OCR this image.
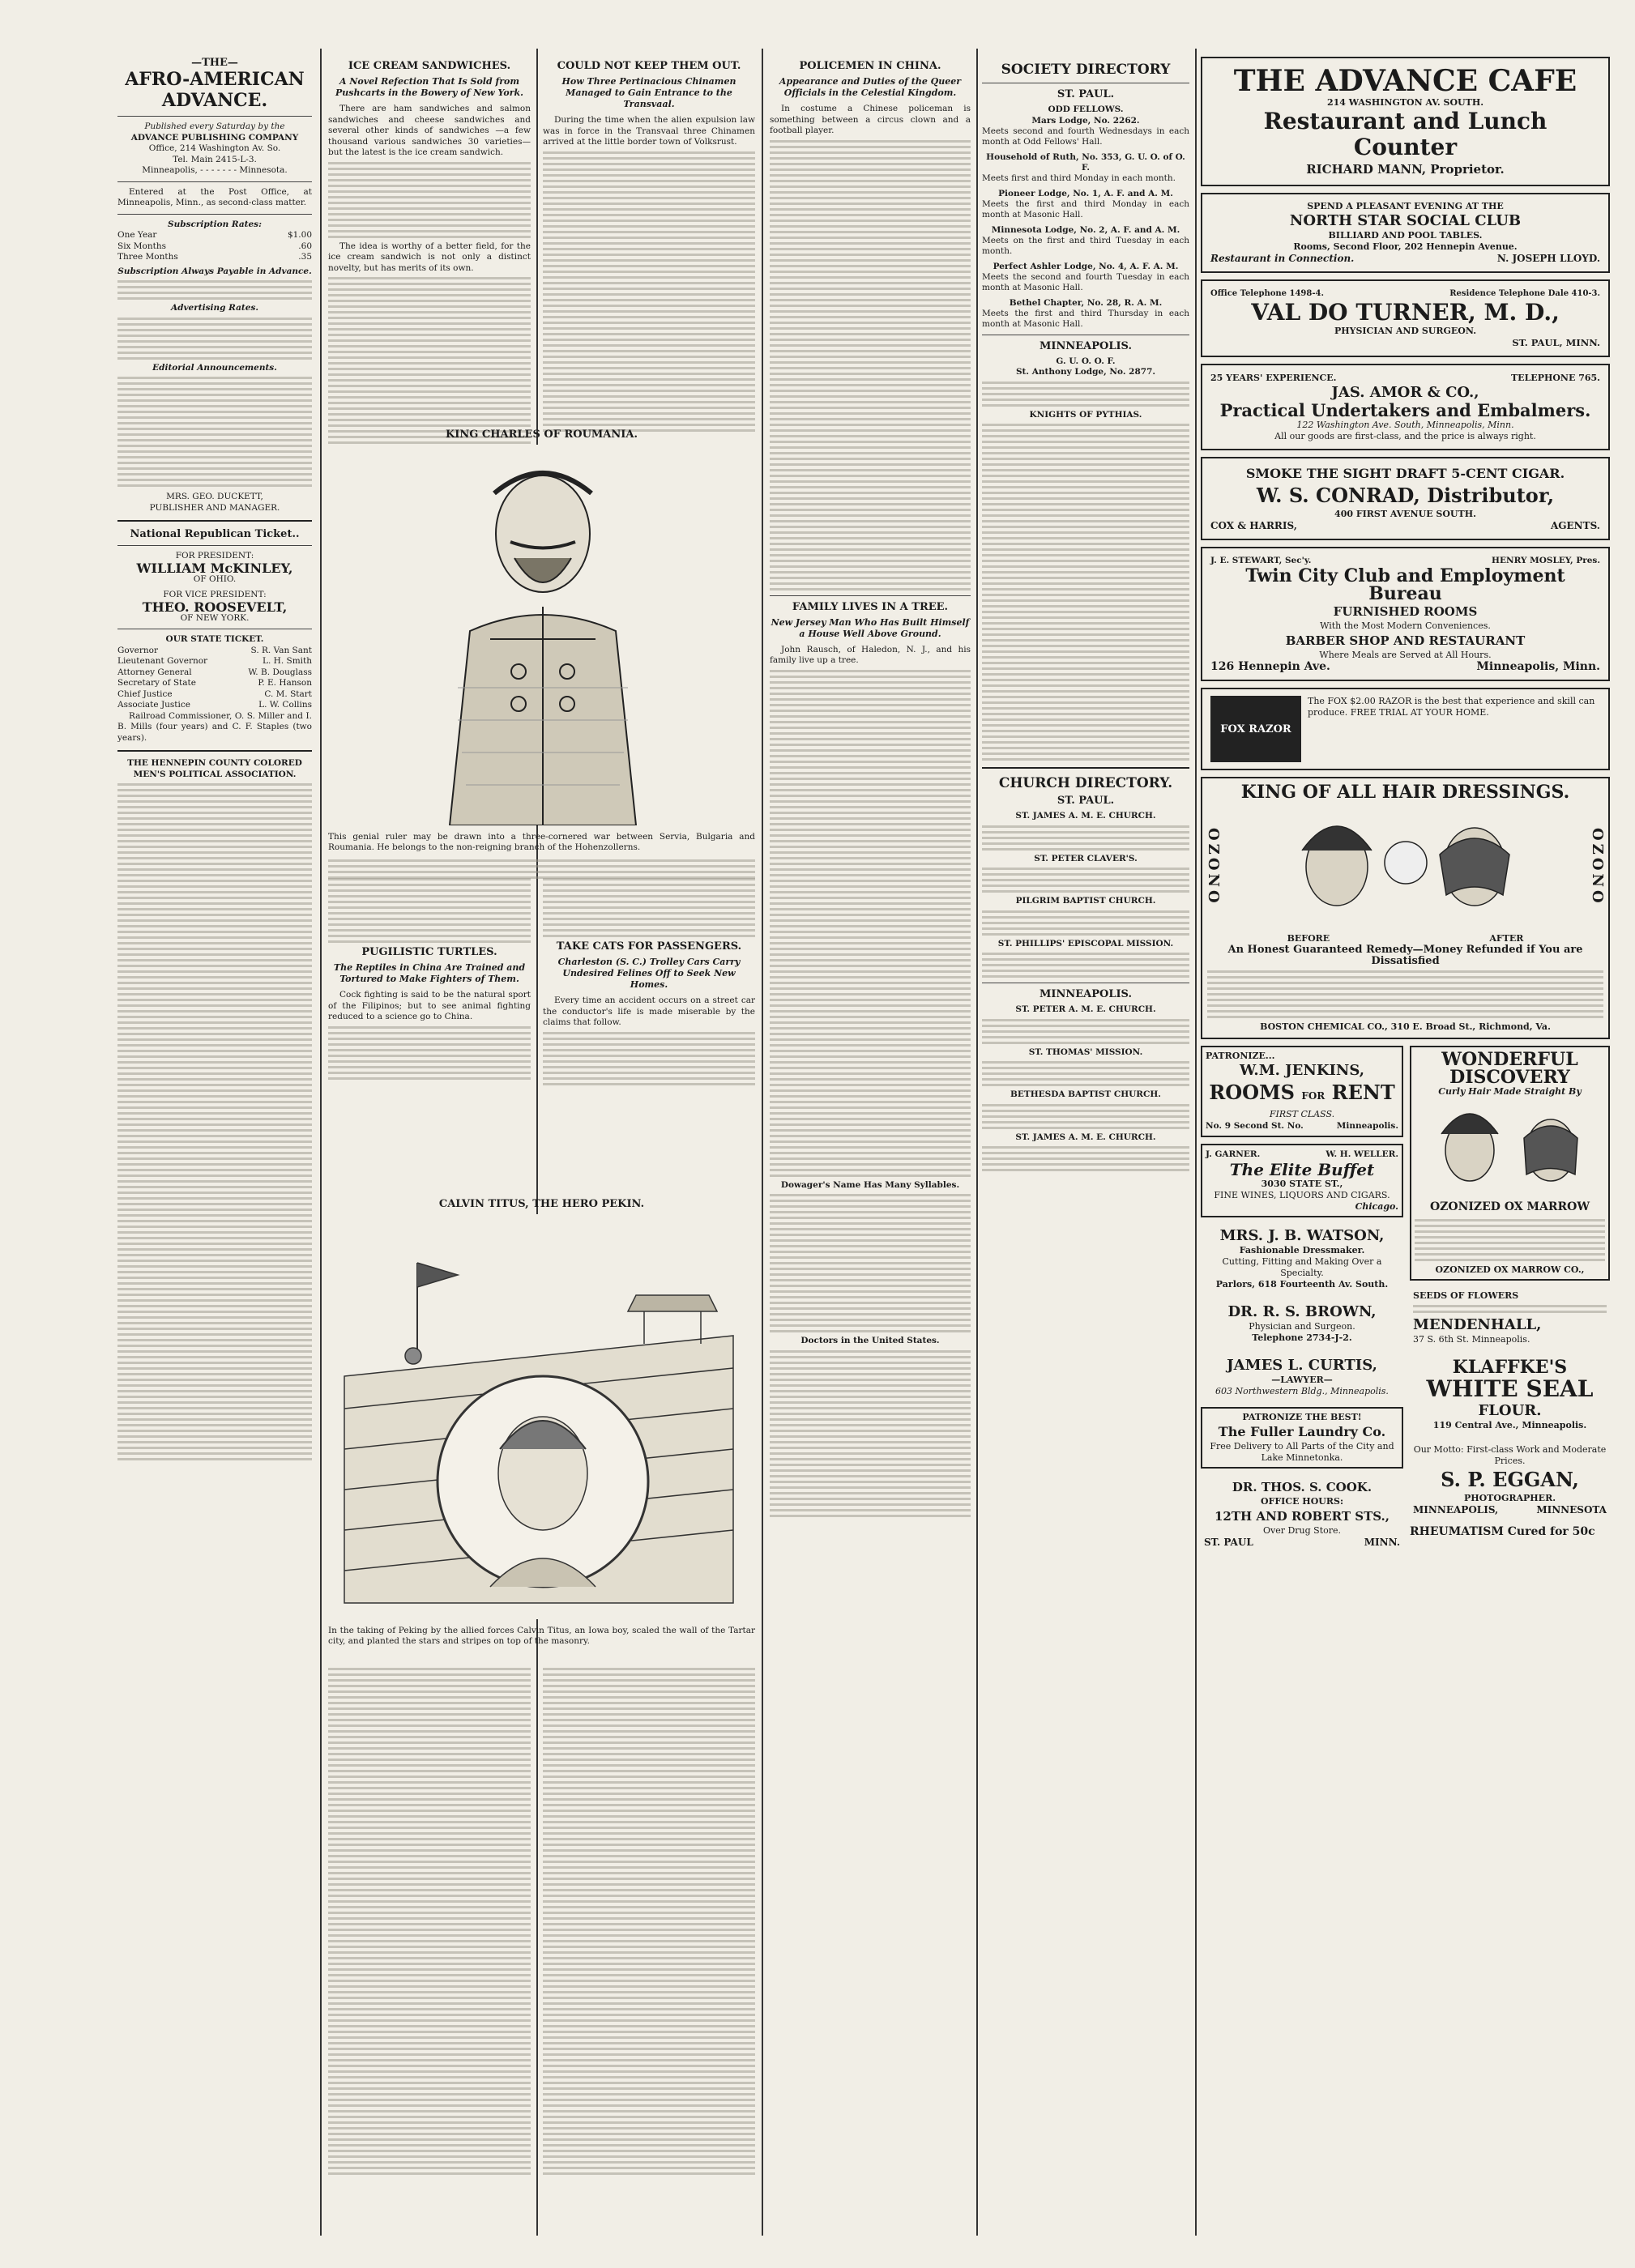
—THE—
AFRO-AMERICAN
ADVANCE.
Published every Saturday by the
ADVANCE PUBLISHING COMPANY
Office, 214 Washington Av. So.
Tel. Main 2415-L-3.
Minneapolis, - - - - - - - Minnesota.
Entered at the Post Office, at Minneapolis, Minn., as second-class matter.
Subscription Rates:
One Year	$1.00
Six Months	.60
Three Months	.35
Subscription Always Payable in Advance.
Advertising Rates.
Editorial Announcements.
MRS. GEO. DUCKETT,
PUBLISHER AND MANAGER.
National Republican Ticket..
FOR PRESIDENT:
WILLIAM McKINLEY,
OF OHIO.
FOR VICE PRESIDENT:
THEO. ROOSEVELT,
OF NEW YORK.
OUR STATE TICKET.
Governor	S. R. Van Sant
Lieutenant Governor	L. H. Smith
Attorney General	W. B. Douglass
Secretary of State	P. E. Hanson
Chief Justice	C. M. Start
Associate Justice	L. W. Collins
Railroad Commissioner, O. S. Miller and I. B. Mills (four years) and C. F. Staples (two years).
THE HENNEPIN COUNTY COLORED MEN'S POLITICAL ASSOCIATION.
ICE CREAM SANDWICHES.
A Novel Refection That Is Sold from Pushcarts in the Bowery of New York.
There are ham sandwiches and salmon sandwiches and cheese sandwiches and several other kinds of sandwiches —a few thousand various sandwiches 30 varieties—but the latest is the ice cream sandwich.
The idea is worthy of a better field, for the ice cream sandwich is not only a distinct novelty, but has merits of its own.
COULD NOT KEEP THEM OUT.
How Three Pertinacious Chinamen Managed to Gain Entrance to the Transvaal.
During the time when the alien expulsion law was in force in the Transvaal three Chinamen arrived at the little border town of Volksrust.
KING CHARLES OF ROUMANIA.
This genial ruler may be drawn into a three-cornered war between Servia, Bulgaria and Roumania. He belongs to the non-reigning branch of the Hohenzollerns.
PUGILISTIC TURTLES.
The Reptiles in China Are Trained and Tortured to Make Fighters of Them.
Cock fighting is said to be the natural sport of the Filipinos; but to see animal fighting reduced to a science go to China.
TAKE CATS FOR PASSENGERS.
Charleston (S. C.) Trolley Cars Carry Undesired Felines Off to Seek New Homes.
Every time an accident occurs on a street car the conductor's life is made miserable by the claims that follow.
CALVIN TITUS, THE HERO PEKIN.
In the taking of Peking by the allied forces Calvin Titus, an Iowa boy, scaled the wall of the Tartar city, and planted the stars and stripes on top of the masonry.
POLICEMEN IN CHINA.
Appearance and Duties of the Queer Officials in the Celestial Kingdom.
In costume a Chinese policeman is something between a circus clown and a football player.
FAMILY LIVES IN A TREE.
New Jersey Man Who Has Built Himself a House Well Above Ground.
John Rausch, of Haledon, N. J., and his family live up a tree.
Dowager's Name Has Many Syllables.
Doctors in the United States.
SOCIETY DIRECTORY
ST. PAUL.
ODD FELLOWS.
Mars Lodge, No. 2262.
Meets second and fourth Wednesdays in each month at Odd Fellows' Hall.
Household of Ruth, No. 353, G. U. O. of O. F.
Meets first and third Monday in each month.
Pioneer Lodge, No. 1, A. F. and A. M.
Meets the first and third Monday in each month at Masonic Hall.
Minnesota Lodge, No. 2, A. F. and A. M.
Meets on the first and third Tuesday in each month.
Perfect Ashler Lodge, No. 4, A. F. A. M.
Meets the second and fourth Tuesday in each month at Masonic Hall.
Bethel Chapter, No. 28, R. A. M.
Meets the first and third Thursday in each month at Masonic Hall.
MINNEAPOLIS.
G. U. O. O. F.
St. Anthony Lodge, No. 2877.
KNIGHTS OF PYTHIAS.
CHURCH DIRECTORY.
ST. PAUL.
ST. JAMES A. M. E. CHURCH.
ST. PETER CLAVER'S.
PILGRIM BAPTIST CHURCH.
ST. PHILLIPS' EPISCOPAL MISSION.
MINNEAPOLIS.
ST. PETER A. M. E. CHURCH.
ST. THOMAS' MISSION.
BETHESDA BAPTIST CHURCH.
ST. JAMES A. M. E. CHURCH.
THE ADVANCE CAFE
214 WASHINGTON AV. SOUTH.
Restaurant and Lunch Counter
RICHARD MANN, Proprietor.
SPEND A PLEASANT EVENING AT THE
NORTH STAR SOCIAL CLUB
BILLIARD AND POOL TABLES.
Rooms, Second Floor, 202 Hennepin Avenue.
Restaurant in Connection.	N. JOSEPH LLOYD.
Office Telephone 1498-4.	Residence Telephone Dale 410-3.
VAL DO TURNER, M. D.,
PHYSICIAN AND SURGEON.
ST. PAUL, MINN.
25 YEARS' EXPERIENCE.	TELEPHONE 765.
JAS. AMOR & CO.,
Practical Undertakers and Embalmers.
122 Washington Ave. South, Minneapolis, Minn.
All our goods are first-class, and the price is always right.
SMOKE THE SIGHT DRAFT 5-CENT CIGAR.
W. S. CONRAD, Distributor,
400 FIRST AVENUE SOUTH.
COX & HARRIS,	AGENTS.
J. E. STEWART, Sec'y.	HENRY MOSLEY, Pres.
Twin City Club and Employment Bureau
FURNISHED ROOMS
With the Most Modern Conveniences.
BARBER SHOP AND RESTAURANT
Where Meals are Served at All Hours.
126 Hennepin Ave.	Minneapolis, Minn.
FOX RAZOR
The FOX $2.00 RAZOR is the best that experience and skill can produce. FREE TRIAL AT YOUR HOME.
KING OF ALL HAIR DRESSINGS.
OZONO	OZONO
BEFORE	AFTER
An Honest Guaranteed Remedy—Money Refunded if You are Dissatisfied
BOSTON CHEMICAL CO., 310 E. Broad St., Richmond, Va.
PATRONIZE...
W.M. JENKINS,
ROOMS FOR RENT
FIRST CLASS.
No. 9 Second St. No.	Minneapolis.
J. GARNER.	W. H. WELLER.
The Elite Buffet
3030 STATE ST.,
FINE WINES, LIQUORS AND CIGARS.
Chicago.
MRS. J. B. WATSON,
Fashionable Dressmaker.
Cutting, Fitting and Making Over a Specialty.
Parlors, 618 Fourteenth Av. South.
DR. R. S. BROWN,
Physician and Surgeon.
Telephone 2734-J-2.
JAMES L. CURTIS,
—LAWYER—
603 Northwestern Bldg., Minneapolis.
PATRONIZE THE BEST!
The Fuller Laundry Co.
Free Delivery to All Parts of the City and Lake Minnetonka.
DR. THOS. S. COOK.
OFFICE HOURS:
12TH AND ROBERT STS.,
Over Drug Store.
ST. PAUL	MINN.
WONDERFUL
DISCOVERY
Curly Hair Made Straight By
OZONIZED OX MARROW
OZONIZED OX MARROW CO.,
SEEDS OF FLOWERS
MENDENHALL,
37 S. 6th St. Minneapolis.
KLAFFKE'S
WHITE SEAL
FLOUR.
119 Central Ave., Minneapolis.
Our Motto: First-class Work and Moderate Prices.
S. P. EGGAN,
PHOTOGRAPHER.
MINNEAPOLIS,	MINNESOTA
RHEUMATISM Cured for 50c
